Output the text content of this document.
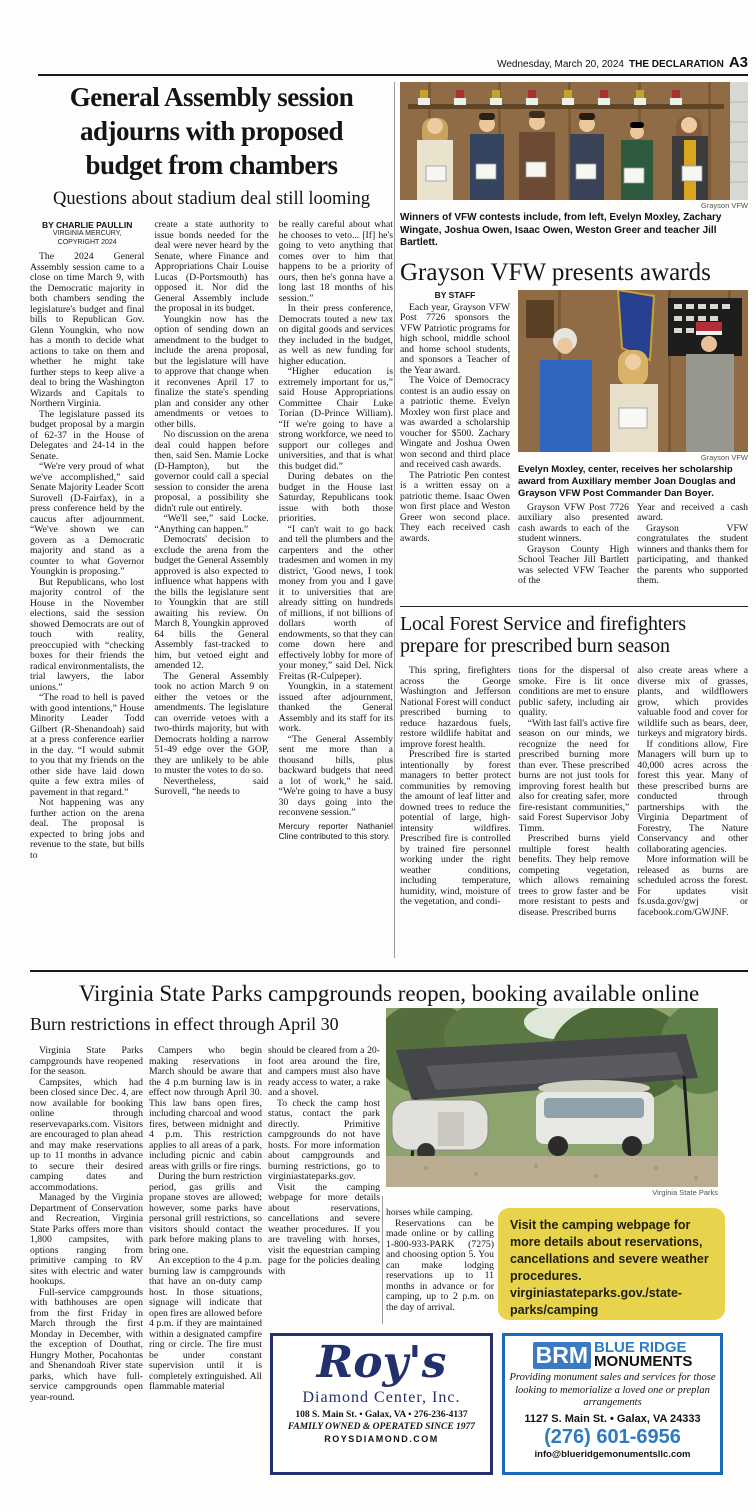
Wednesday, March 20, 2024 THE DECLARATION A3
General Assembly session
adjourns with proposed
budget from chambers
Questions about stadium deal still looming
BY CHARLIE PAULLIN
VIRGINIA MERCURY,
COPYRIGHT 2024

The 2024 General Assembly session came to a close on time March 9, with the Democratic majority in both chambers sending the legislature's budget and final bills to Republican Gov. Glenn Youngkin, who now has a month to decide what actions to take on them and whether he might take further steps to keep alive a deal to bring the Washington Wizards and Capitals to Northern Virginia.

The legislature passed its budget proposal by a margin of 62-37 in the House of Delegates and 24-14 in the Senate.

“We're very proud of what we've accomplished,” said Senate Majority Leader Scott Surovell (D-Fairfax), in a press conference held by the caucus after adjournment. “We've shown we can govern as a Democratic majority and stand as a counter to what Governor Youngkin is proposing.”

But Republicans, who lost majority control of the House in the November elections, said the session showed Democrats are out of touch with reality, preoccupied with “checking boxes for their friends the radical environmentalists, the trial lawyers, the labor unions.”

“The road to hell is paved with good intentions,” House Minority Leader Todd Gilbert (R-Shenandoah) said at a press conference earlier in the day. “I would submit to you that my friends on the other side have laid down quite a few extra miles of pavement in that regard.”

Not happening was any further action on the arena deal. The proposal is expected to bring jobs and revenue to the state, but bills to

create a state authority to issue bonds needed for the deal were never heard by the Senate, where Finance and Appropriations Chair Louise Lucas (D-Portsmouth) has opposed it. Nor did the General Assembly include the proposal in its budget.

Youngkin now has the option of sending down an amendment to the budget to include the arena proposal, but the legislature will have to approve that change when it reconvenes April 17 to finalize the state's spending plan and consider any other amendments or vetoes to other bills.

No discussion on the arena deal could happen before then, said Sen. Mamie Locke (D-Hampton), but the governor could call a special session to consider the arena proposal, a possibility she didn't rule out entirely.

“We'll see,” said Locke. “Anything can happen.”

Democrats' decision to exclude the arena from the budget the General Assembly approved is also expected to influence what happens with the bills the legislature sent to Youngkin that are still awaiting his review. On March 8, Youngkin approved 64 bills the General Assembly fast-tracked to him, but vetoed eight and amended 12.

The General Assembly took no action March 9 on either the vetoes or the amendments. The legislature can override vetoes with a two-thirds majority, but with Democrats holding a narrow 51-49 edge over the GOP, they are unlikely to be able to muster the votes to do so.

Nevertheless, said Surovell, “he needs to

be really careful about what he chooses to veto... [If] he's going to veto anything that comes over to him that happens to be a priority of ours, then he's gonna have a long last 18 months of his session.”

In their press conference, Democrats touted a new tax on digital goods and services they included in the budget, as well as new funding for higher education.

“Higher education is extremely important for us,” said House Appropriations Committee Chair Luke Torian (D-Prince William). “If we're going to have a strong workforce, we need to support our colleges and universities, and that is what this budget did.”

During debates on the budget in the House last Saturday, Republicans took issue with both those priorities.

“I can't wait to go back and tell the plumbers and the carpenters and the other tradesmen and women in my district, 'Good news, I took money from you and I gave it to universities that are already sitting on hundreds of millions, if not billions of dollars worth of endowments, so that they can come down here and effectively lobby for more of your money,” said Del. Nick Freitas (R-Culpeper).

Youngkin, in a statement issued after adjournment, thanked the General Assembly and its staff for its work.

“The General Assembly sent me more than a thousand bills, plus backward budgets that need a lot of work,” he said. “We're going to have a busy 30 days going into the reconvene session.”

Mercury reporter Nathaniel Cline contributed to this story.
Grayson VFW
Winners of VFW contests include, from left, Evelyn Moxley, Zachary Wingate, Joshua Owen, Isaac Owen, Weston Greer and teacher Jill Bartlett.
Grayson VFW presents awards
BY STAFF

Each year, Grayson VFW Post 7726 sponsors the VFW Patriotic programs for high school, middle school and home school students, and sponsors a Teacher of the Year award.

The Voice of Democracy contest is an audio essay on a patriotic theme. Evelyn Moxley won first place and was awarded a scholarship voucher for $500. Zachary Wingate and Joshua Owen won second and third place and received cash awards.

The Patriotic Pen contest is a written essay on a patriotic theme. Isaac Owen won first place and Weston Greer won second place. They each received cash awards.

Grayson VFW
Evelyn Moxley, center, receives her scholarship award from Auxiliary member Joan Douglas and Grayson VFW Post Commander Dan Boyer.

Grayson VFW Post 7726 auxiliary also presented cash awards to each of the student winners.

Grayson County High School Teacher Jill Bartlett was selected VFW Teacher of the

Year and received a cash award.

Grayson VFW congratulates the student winners and thanks them for participating, and thanked the parents who supported them.

Local Forest Service and firefighters
prepare for prescribed burn season

This spring, firefighters across the George Washington and Jefferson National Forest will conduct prescribed burning to reduce hazardous fuels, restore wildlife habitat and improve forest health.

Prescribed fire is started intentionally by forest managers to better protect communities by removing the amount of leaf litter and downed trees to reduce the potential of large, high-intensity wildfires. Prescribed fire is controlled by trained fire personnel working under the right weather conditions, including temperature, humidity, wind, moisture of the vegetation, and condi-

tions for the dispersal of smoke. Fire is lit once conditions are met to ensure public safety, including air quality.

“With last fall's active fire season on our minds, we recognize the need for prescribed burning more than ever. These prescribed burns are not just tools for improving forest health but also for creating safer, more fire-resistant communities,” said Forest Supervisor Joby Timm.

Prescribed burns yield multiple forest health benefits. They help remove competing vegetation, which allows remaining trees to grow faster and be more resistant to pests and disease. Prescribed burns

also create areas where a diverse mix of grasses, plants, and wildflowers grow, which provides valuable food and cover for wildlife such as bears, deer, turkeys and migratory birds.

If conditions allow, Fire Managers will burn up to 40,000 acres across the forest this year. Many of these prescribed burns are conducted through partnerships with the Virginia Department of Forestry, The Nature Conservancy and other collaborating agencies.

More information will be released as burns are scheduled across the forest. For updates visit fs.usda.gov/gwj or facebook.com/GWJNF.

Virginia State Parks campgrounds reopen, booking available online
Burn restrictions in effect through April 30
Virginia State Parks

Virginia State Parks campgrounds have reopened for the season.

Campsites, which had been closed since Dec. 4, are now available for booking online through reservevaparks.com. Visitors are encouraged to plan ahead and may make reservations up to 11 months in advance to secure their desired camping dates and accommodations.

Managed by the Virginia Department of Conservation and Recreation, Virginia State Parks offers more than 1,800 campsites, with options ranging from primitive camping to RV sites with electric and water hookups.

Full-service campgrounds with bathhouses are open from the first Friday in March through the first Monday in December, with the exception of Douthat, Hungry Mother, Pocahontas and Shenandoah River state parks, which have full-service campgrounds open year-round.

Campers who begin making reservations in March should be aware that the 4 p.m burning law is in effect now through April 30. This law bans open fires, including charcoal and wood fires, between midnight and 4 p.m. This restriction applies to all areas of a park, including picnic and cabin areas with grills or fire rings.

During the burn restriction period, gas grills and propane stoves are allowed; however, some parks have personal grill restrictions, so visitors should contact the park before making plans to bring one.

An exception to the 4 p.m. burning law is campgrounds that have an on-duty camp host. In those situations, signage will indicate that open fires are allowed before 4 p.m. if they are maintained within a designated campfire ring or circle. The fire must be under constant supervision until it is completely extinguished. All flammable material

should be cleared from a 20-foot area around the fire, and campers must also have ready access to water, a rake and a shovel.

To check the camp host status, contact the park directly. Primitive campgrounds do not have hosts. For more information about campgrounds and burning restrictions, go to virginiastateparks.gov.

Visit the camping webpage for more details about reservations, cancellations and severe weather procedures. If you are traveling with horses, visit the equestrian camping page for the policies dealing with

horses while camping.

Reservations can be made online or by calling 1-800-933-PARK (7275) and choosing option 5. You can make lodging reservations up to 11 months in advance or for camping, up to 2 p.m. on the day of arrival.

Visit the camping webpage for more details about reservations, cancellations and severe weather procedures. virginiastateparks.gov./state-parks/camping
Roy's
Diamond Center, Inc.
108 S. Main St. • Galax, VA • 276-236-4137
FAMILY OWNED & OPERATED SINCE 1977
ROYSDIAMOND.COM
BRM BLUE RIDGE
MONUMENTS
Providing monument sales and services for those looking to memorialize a loved one or preplan arrangements
1127 S. Main St. • Galax, VA 24333
(276) 601-6956
info@blueridgemonumentsllc.com
